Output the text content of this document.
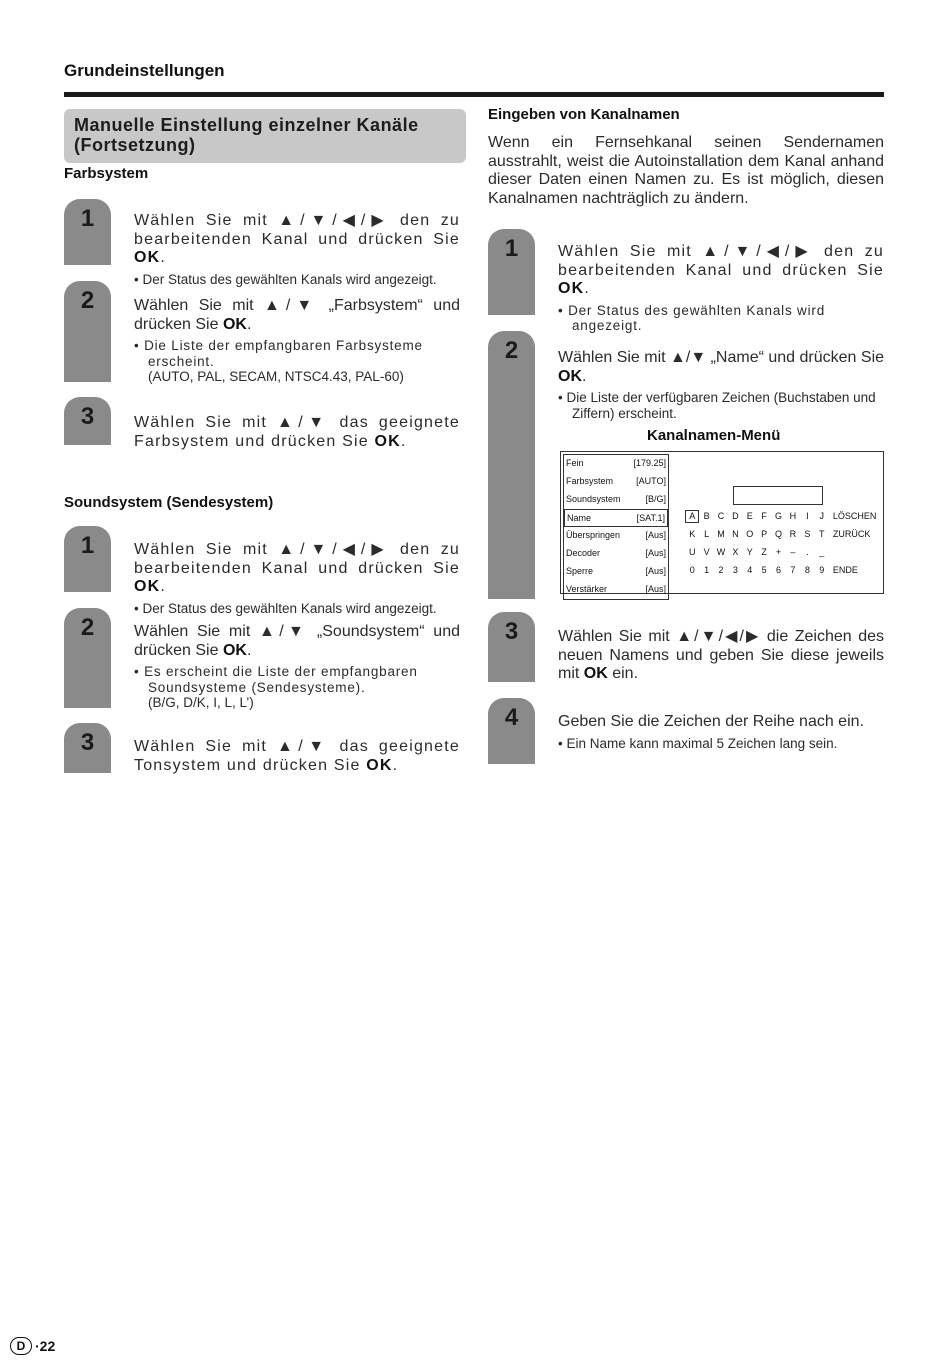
Grundeinstellungen
Manuelle Einstellung einzelner Kanäle
(Fortsetzung)
Farbsystem
1	Wählen Sie mit ▲/▼/◀/▶ den zu bearbeitenden Kanal und drücken Sie OK.
• Der Status des gewählten Kanals wird angezeigt.
2	Wählen Sie mit ▲/▼ „Farbsystem“ und drücken Sie OK.
• Die Liste der empfangbaren Farbsysteme erscheint.
(AUTO, PAL, SECAM, NTSC4.43, PAL-60)
3	Wählen Sie mit ▲/▼ das geeignete Farbsystem und drücken Sie OK.
Soundsystem (Sendesystem)
1	Wählen Sie mit ▲/▼/◀/▶ den zu bearbeitenden Kanal und drücken Sie OK.
• Der Status des gewählten Kanals wird angezeigt.
2	Wählen Sie mit ▲/▼ „Soundsystem“ und drücken Sie OK.
• Es erscheint die Liste der empfangbaren Soundsysteme (Sendesysteme).
(B/G, D/K, I, L, L’)
3	Wählen Sie mit ▲/▼ das geeignete Tonsystem und drücken Sie OK.
Eingeben von Kanalnamen
Wenn ein Fernsehkanal seinen Sendernamen ausstrahlt, weist die Autoinstallation dem Kanal anhand dieser Daten einen Namen zu. Es ist möglich, diesen Kanalnamen nachträglich zu ändern.
1	Wählen Sie mit ▲/▼/◀/▶ den zu bearbeitenden Kanal und drücken Sie OK.
• Der Status des gewählten Kanals wird angezeigt.
2	Wählen Sie mit ▲/▼ „Name“ und drücken Sie OK.
• Die Liste der verfügbaren Zeichen (Buchstaben und Ziffern) erscheint.
Kanalnamen-Menü
Fein	[179.25]
Farbsystem	[AUTO]
Soundsystem	[B/G]
Name	[SAT.1]
Überspringen	[Aus]
Decoder	[Aus]
Sperre	[Aus]
Verstärker	[Aus]
A B C D E F G H I J LÖSCHEN
K L M N O P Q R S T ZURÜCK
U V W X Y Z + – . _
0 1 2 3 4 5 6 7 8 9 ENDE
3	Wählen Sie mit ▲/▼/◀/▶ die Zeichen des neuen Namens und geben Sie diese jeweils mit OK ein.
4	Geben Sie die Zeichen der Reihe nach ein.
• Ein Name kann maximal 5 Zeichen lang sein.
D ·22
